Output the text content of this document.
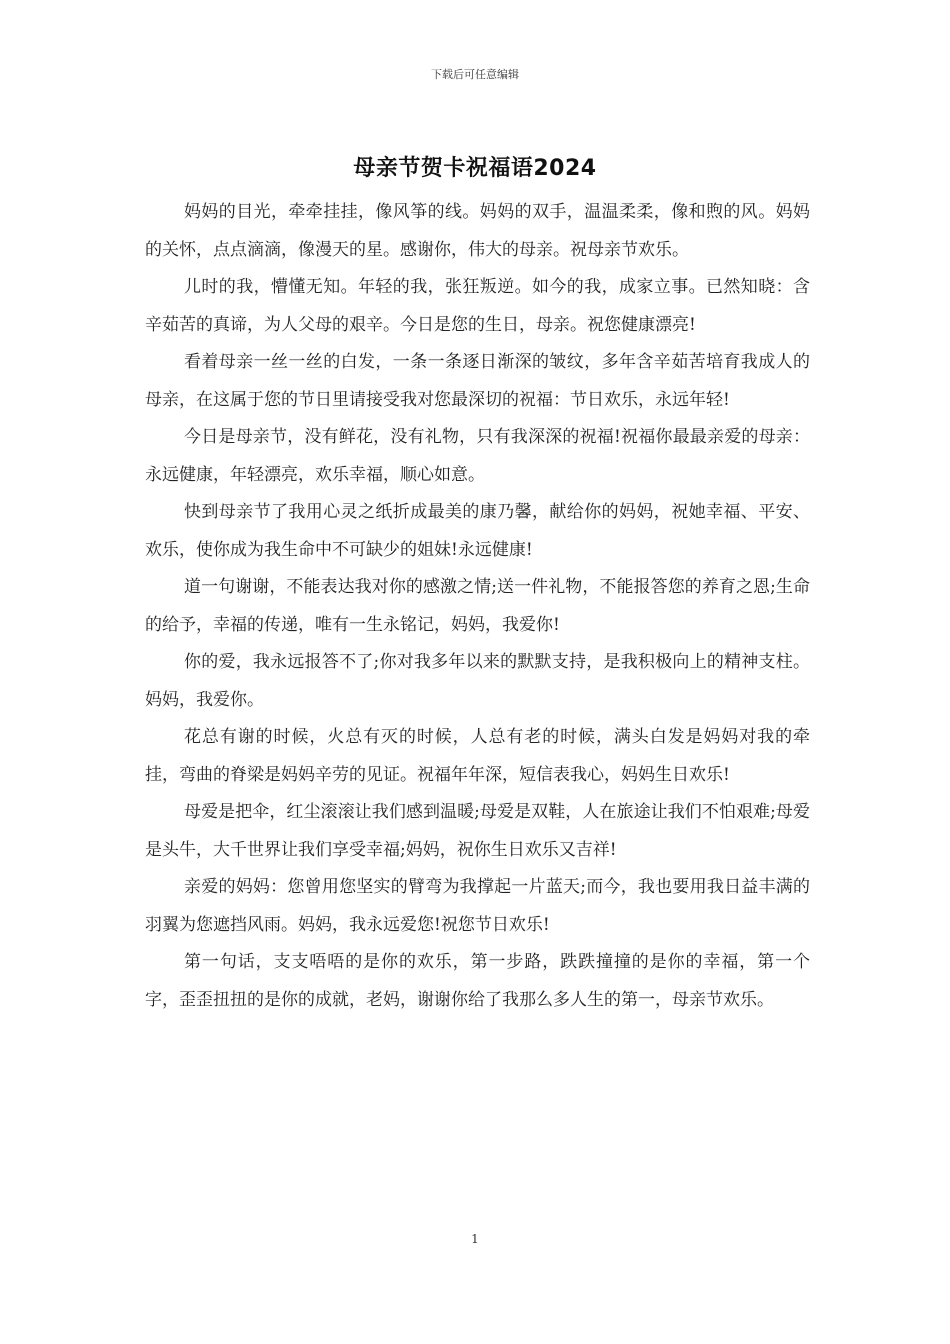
下载后可任意编辑
母亲节贺卡祝福语2024

妈妈的目光，牵牵挂挂，像风筝的线。妈妈的双手，温温柔柔，像和煦的风。妈妈的关怀，点点滴滴，像漫天的星。感谢你，伟大的母亲。祝母亲节欢乐。

儿时的我，懵懂无知。年轻的我，张狂叛逆。如今的我，成家立事。已然知晓：含辛茹苦的真谛，为人父母的艰辛。今日是您的生日，母亲。祝您健康漂亮!

看着母亲一丝一丝的白发，一条一条逐日渐深的皱纹，多年含辛茹苦培育我成人的母亲，在这属于您的节日里请接受我对您最深切的祝福：节日欢乐，永远年轻!

今日是母亲节，没有鲜花，没有礼物，只有我深深的祝福!祝福你最最亲爱的母亲：永远健康，年轻漂亮，欢乐幸福，顺心如意。

快到母亲节了我用心灵之纸折成最美的康乃馨，献给你的妈妈，祝她幸福、平安、欢乐，使你成为我生命中不可缺少的姐妹!永远健康!

道一句谢谢，不能表达我对你的感激之情;送一件礼物，不能报答您的养育之恩;生命的给予，幸福的传递，唯有一生永铭记，妈妈，我爱你!

你的爱，我永远报答不了;你对我多年以来的默默支持，是我积极向上的精神支柱。妈妈，我爱你。

花总有谢的时候，火总有灭的时候，人总有老的时候，满头白发是妈妈对我的牵挂，弯曲的脊梁是妈妈辛劳的见证。祝福年年深，短信表我心，妈妈生日欢乐!

母爱是把伞，红尘滚滚让我们感到温暖;母爱是双鞋，人在旅途让我们不怕艰难;母爱是头牛，大千世界让我们享受幸福;妈妈，祝你生日欢乐又吉祥!

亲爱的妈妈：您曾用您坚实的臂弯为我撑起一片蓝天;而今，我也要用我日益丰满的羽翼为您遮挡风雨。妈妈，我永远爱您!祝您节日欢乐!

第一句话，支支唔唔的是你的欢乐，第一步路，跌跌撞撞的是你的幸福，第一个字，歪歪扭扭的是你的成就，老妈，谢谢你给了我那么多人生的第一，母亲节欢乐。

1
